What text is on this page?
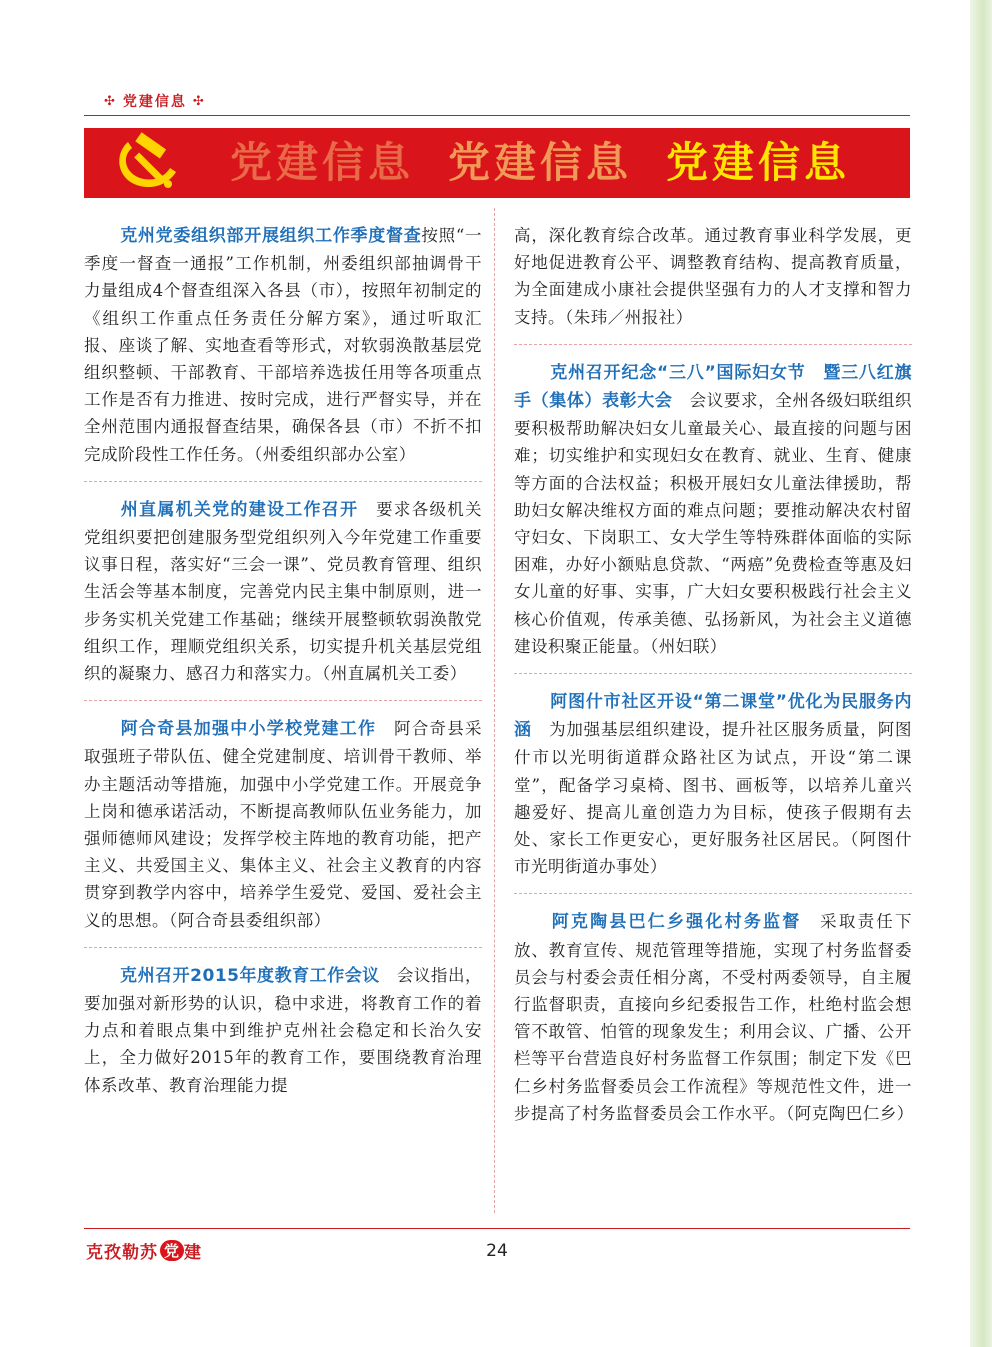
✣ 党建信息 ✣
党建信息 党建信息 党建信息

克州党委组织部开展组织工作季度督查按照“一季度一督查一通报”工作机制，州委组织部抽调骨干力量组成4个督查组深入各县（市），按照年初制定的《组织工作重点任务责任分解方案》，通过听取汇报、座谈了解、实地查看等形式，对软弱涣散基层党组织整顿、干部教育、干部培养选拔任用等各项重点工作是否有力推进、按时完成，进行严督实导，并在全州范围内通报督查结果，确保各县（市）不折不扣完成阶段性工作任务。（州委组织部办公室）

州直属机关党的建设工作召开　 要求各级机关党组织要把创建服务型党组织列入今年党建工作重要议事日程，落实好“三会一课”、党员教育管理、组织生活会等基本制度，完善党内民主集中制原则，进一步务实机关党建工作基础；继续开展整顿软弱涣散党组织工作，理顺党组织关系，切实提升机关基层党组织的凝聚力、感召力和落实力。（州直属机关工委）

阿合奇县加强中小学校党建工作　 阿合奇县采取强班子带队伍、健全党建制度、培训骨干教师、举办主题活动等措施，加强中小学党建工作。开展竞争上岗和德承诺活动，不断提高教师队伍业务能力，加强师德师风建设；发挥学校主阵地的教育功能，把产主义、共爱国主义、集体主义、社会主义教育的内容贯穿到教学内容中，培养学生爱党、爱国、爱社会主义的思想。（阿合奇县委组织部）

克州召开2015年度教育工作会议　 会议指出，要加强对新形势的认识，稳中求进，将教育工作的着力点和着眼点集中到维护克州社会稳定和长治久安上，全力做好2015年的教育工作，要围绕教育治理体系改革、教育治理能力提

高，深化教育综合改革。通过教育事业科学发展，更好地促进教育公平、调整教育结构、提高教育质量，为全面建成小康社会提供坚强有力的人才支撑和智力支持。（朱玮／州报社）

克州召开纪念“三八”国际妇女节　暨三八红旗手（集体）表彰大会　 会议要求，全州各级妇联组织要积极帮助解决妇女儿童最关心、最直接的问题与困难；切实维护和实现妇女在教育、就业、生育、健康等方面的合法权益；积极开展妇女儿童法律援助，帮助妇女解决维权方面的难点问题；要推动解决农村留守妇女、下岗职工、女大学生等特殊群体面临的实际困难，办好小额贴息贷款、“两癌”免费检查等惠及妇女儿童的好事、实事，广大妇女要积极践行社会主义核心价值观，传承美德、弘扬新风，为社会主义道德建设积聚正能量。（州妇联）

阿图什市社区开设“第二课堂”优化为民服务内涵　 为加强基层组织建设，提升社区服务质量，阿图什市以光明街道群众路社区为试点，开设“第二课堂”，配备学习桌椅、图书、画板等，以培养儿童兴趣爱好、提高儿童创造力为目标，使孩子假期有去处、家长工作更安心，更好服务社区居民。（阿图什市光明街道办事处）

阿克陶县巴仁乡强化村务监督　 采取责任下放、教育宣传、规范管理等措施，实现了村务监督委员会与村委会责任相分离，不受村两委领导，自主履行监督职责，直接向乡纪委报告工作，杜绝村监会想管不敢管、怕管的现象发生；利用会议、广播、公开栏等平台营造良好村务监督工作氛围；制定下发《巴仁乡村务监督委员会工作流程》等规范性文件，进一步提高了村务监督委员会工作水平。（阿克陶巴仁乡）

克孜勒苏 党 建	24
